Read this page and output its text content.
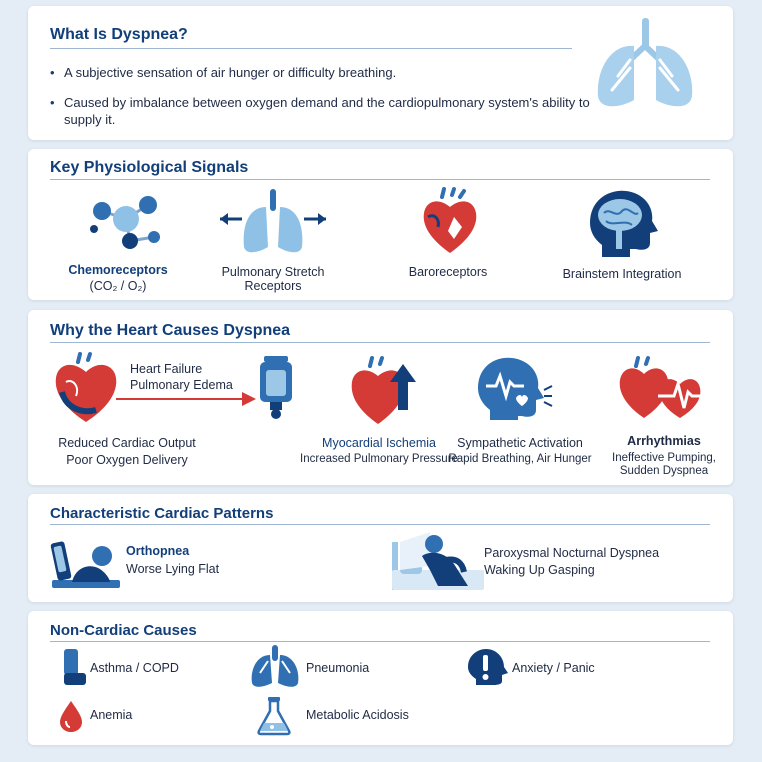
What Is Dyspnea?
• A subjective sensation of air hunger or difficulty breathing.
• Caused by imbalance between oxygen demand and the cardiopulmonary system's ability to supply it.
Key Physiological Signals
Chemoreceptors
(CO₂ / O₂)
Pulmonary Stretch
Receptors
Baroreceptors	Brainstem Integration
Why the Heart Causes Dyspnea
Heart Failure
Pulmonary Edema
Reduced Cardiac Output
Poor Oxygen Delivery
Myocardial Ischemia
Increased Pulmonary Pressure
Sympathetic Activation
Rapid Breathing, Air Hunger
Arrhythmias
Ineffective Pumping,
Sudden Dyspnea
Characteristic Cardiac Patterns
Orthopnea
Worse Lying Flat
Paroxysmal Nocturnal Dyspnea
Waking Up Gasping
Non-Cardiac Causes
Asthma / COPD	Pneumonia	Anxiety / Panic
Anemia	Metabolic Acidosis
